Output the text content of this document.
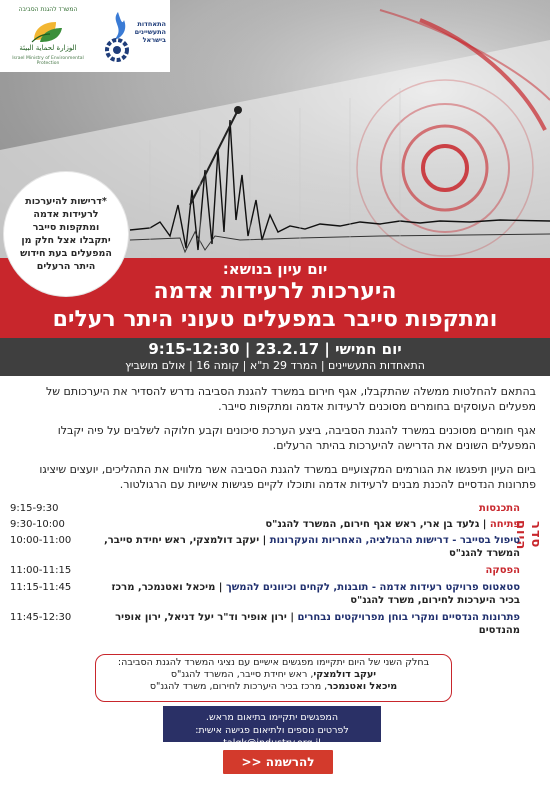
המשרד להגנת הסביבה
الوزارة لحماية البيئة
Israel Ministry of Environmental Protection
התאחדות התעשיינים בישראל
*דרישות להיערכות לרעידות אדמה ומתקפות סייבר יתקבלו אצל חלק מן המפעלים בעת חידוש היתר הרעלים	יום עיון בנושא:
היערכות לרעידות אדמה
ומתקפות סייבר במפעלים טעוני היתר רעלים
יום חמישי | 23.2.17 | 9:15-12:30
התאחדות התעשיינים | המרד 29 ת"א | קומה 16 | אולם מושביץ

בהתאם להחלטות ממשלה שהתקבלו, אגף חירום במשרד להגנת הסביבה נדרש להסדיר את היערכותם של מפעלים העוסקים בחומרים מסוכנים לרעידות אדמה ומתקפות סייבר.

אגף חומרים מסוכנים במשרד להגנת הסביבה, ביצע הערכת סיכונים וקבע חלוקה לשלבים על פיה יקבלו המפעלים השונים את הדרישה להיערכות בהיתר הרעלים.

ביום העיון תיפגשו את הגורמים המקצועיים במשרד להגנת הסביבה אשר מלווים את התהליכים, יועצים שיציגו פתרונות הנדסיים להכנת מבנים לרעידות אדמה ותוכלו לקיים פגישות אישיות עם הרגולטור.

סדר היום
התכנסות
9:15-9:30
פתיחה | גלעד בן ארי, ראש אגף חירום, המשרד להגנ"ס
9:30-10:00
טיפול בסייבר - דרישות הרגולציה, האחריות והעקרונות | יעקב דולמצקי, ראש יחידת סייבר, המשרד להגנ"ס
10:00-11:00
הפסקה
11:00-11:15
סטאטוס פרויקט רעידות אדמה - תובנות, לקחים וכיוונים להמשך | מיכאל ואטנמכר, מרכז בכיר היערכות לחירום, משרד להגנ"ס
11:15-11:45
פתרונות הנדסיים ומקרי בוחן מפרויקטים נבחרים | ירון אופיר וד"ר יעל דניאל, ירון אופיר מהנדסים
11:45-12:30
בחלק השני של היום יתקיימו מפגשים אישיים עם נציגי המשרד להגנת הסביבה:
יעקב דולמצקי, ראש יחידת סייבר, המשרד להגנ"ס
מיכאל ואטנמכר, מרכז בכיר היערכות לחירום, משרד להגנ"ס
המפגשים יתקיימו בתיאום מראש.
לפרטים נוספים ולתיאום פגישה אישית: talgk@industry.org.il
להרשמה <<
